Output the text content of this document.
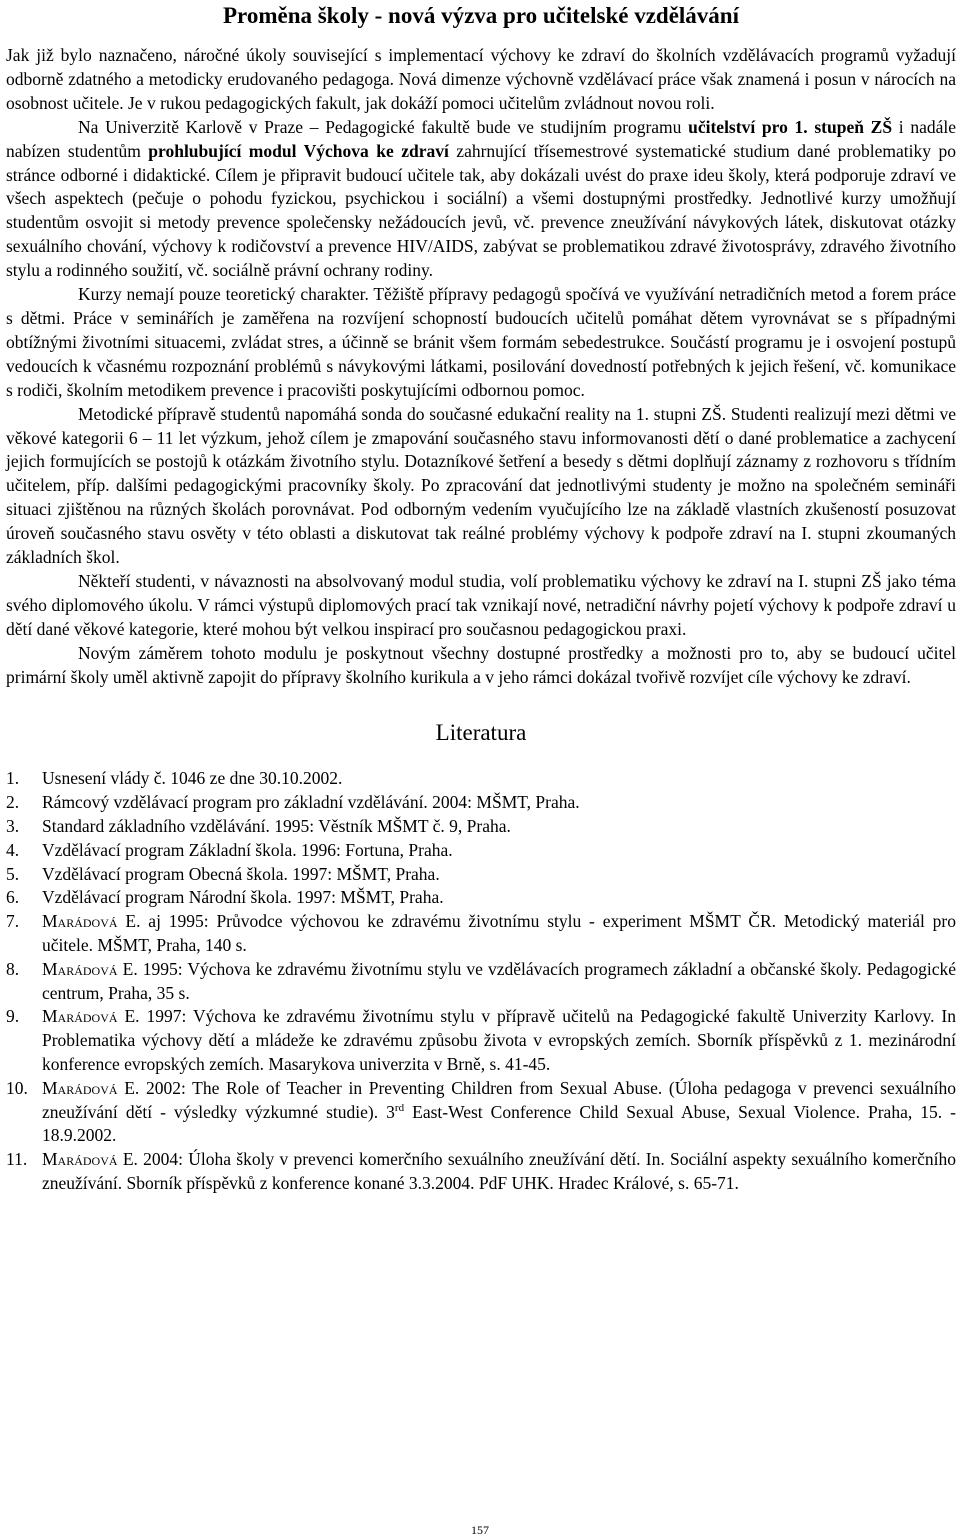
Proměna školy - nová výzva pro učitelské vzdělávání

Jak již bylo naznačeno, náročné úkoly související s implementací výchovy ke zdraví do školních vzdělávacích programů vyžadují odborně zdatného a metodicky erudovaného pedagoga. Nová dimenze výchovně vzdělávací práce však znamená i posun v nárocích na osobnost učitele. Je v rukou pedagogických fakult, jak dokáží pomoci učitelům zvládnout novou roli.

Na Univerzitě Karlově v Praze – Pedagogické fakultě bude ve studijním programu učitelství pro 1. stupeň ZŠ i nadále nabízen studentům prohlubující modul Výchova ke zdraví zahrnující třísemestrové systematické studium dané problematiky po stránce odborné i didaktické. Cílem je připravit budoucí učitele tak, aby dokázali uvést do praxe ideu školy, která podporuje zdraví ve všech aspektech (pečuje o pohodu fyzickou, psychickou i sociální) a všemi dostupnými prostředky. Jednotlivé kurzy umožňují studentům osvojit si metody prevence společensky nežádoucích jevů, vč. prevence zneužívání návykových látek, diskutovat otázky sexuálního chování, výchovy k rodičovství a prevence HIV/AIDS, zabývat se problematikou zdravé životosprávy, zdravého životního stylu a rodinného soužití, vč. sociálně právní ochrany rodiny.

Kurzy nemají pouze teoretický charakter. Těžiště přípravy pedagogů spočívá ve využívání netradičních metod a forem práce s dětmi. Práce v seminářích je zaměřena na rozvíjení schopností budoucích učitelů pomáhat dětem vyrovnávat se s případnými obtížnými životními situacemi, zvládat stres, a účinně se bránit všem formám sebedestrukce. Součástí programu je i osvojení postupů vedoucích k včasnému rozpoznání problémů s návykovými látkami, posilování dovedností potřebných k jejich řešení, vč. komunikace s rodiči, školním metodikem prevence i pracovišti poskytujícími odbornou pomoc.

Metodické přípravě studentů napomáhá sonda do současné edukační reality na 1. stupni ZŠ. Studenti realizují mezi dětmi ve věkové kategorii 6 – 11 let výzkum, jehož cílem je zmapování současného stavu informovanosti dětí o dané problematice a zachycení jejich formujících se postojů k otázkám životního stylu. Dotazníkové šetření a besedy s dětmi doplňují záznamy z rozhovoru s třídním učitelem, příp. dalšími pedagogickými pracovníky školy. Po zpracování dat jednotlivými studenty je možno na společném semináři situaci zjištěnou na různých školách porovnávat. Pod odborným vedením vyučujícího lze na základě vlastních zkušeností posuzovat úroveň současného stavu osvěty v této oblasti a diskutovat tak reálné problémy výchovy k podpoře zdraví na I. stupni zkoumaných základních škol.

Někteří studenti, v návaznosti na absolvovaný modul studia, volí problematiku výchovy ke zdraví na I. stupni ZŠ jako téma svého diplomového úkolu. V rámci výstupů diplomových prací tak vznikají nové, netradiční návrhy pojetí výchovy k podpoře zdraví u dětí dané věkové kategorie, které mohou být velkou inspirací pro současnou pedagogickou praxi.

Novým záměrem tohoto modulu je poskytnout všechny dostupné prostředky a možnosti pro to, aby se budoucí učitel primární školy uměl aktivně zapojit do přípravy školního kurikula a v jeho rámci dokázal tvořivě rozvíjet cíle výchovy ke zdraví.

Literatura
1. Usnesení vlády č. 1046 ze dne 30.10.2002.
2. Rámcový vzdělávací program pro základní vzdělávání. 2004: MŠMT, Praha.
3. Standard základního vzdělávání. 1995: Věstník MŠMT č. 9, Praha.
4. Vzdělávací program Základní škola. 1996: Fortuna, Praha.
5. Vzdělávací program Obecná škola. 1997: MŠMT, Praha.
6. Vzdělávací program Národní škola. 1997: MŠMT, Praha.
7. Marádová E. aj 1995: Průvodce výchovou ke zdravému životnímu stylu - experiment MŠMT ČR. Metodický materiál pro učitele. MŠMT, Praha, 140 s.
8. Marádová E. 1995: Výchova ke zdravému životnímu stylu ve vzdělávacích programech základní a občanské školy. Pedagogické centrum, Praha, 35 s.
9. Marádová E. 1997: Výchova ke zdravému životnímu stylu v přípravě učitelů na Pedagogické fakultě Univerzity Karlovy. In Problematika výchovy dětí a mládeže ke zdravému způsobu života v evropských zemích. Sborník příspěvků z 1. mezinárodní konference evropských zemích. Masarykova univerzita v Brně, s. 41-45.
10. Marádová E. 2002: The Role of Teacher in Preventing Children from Sexual Abuse. (Úloha pedagoga v prevenci sexuálního zneužívání dětí - výsledky výzkumné studie). 3rd East-West Conference Child Sexual Abuse, Sexual Violence. Praha, 15. - 18.9.2002.
11. Marádová E. 2004: Úloha školy v prevenci komerčního sexuálního zneužívání dětí. In. Sociální aspekty sexuálního komerčního zneužívání. Sborník příspěvků z konference konané 3.3.2004. PdF UHK. Hradec Králové, s. 65-71.
157
